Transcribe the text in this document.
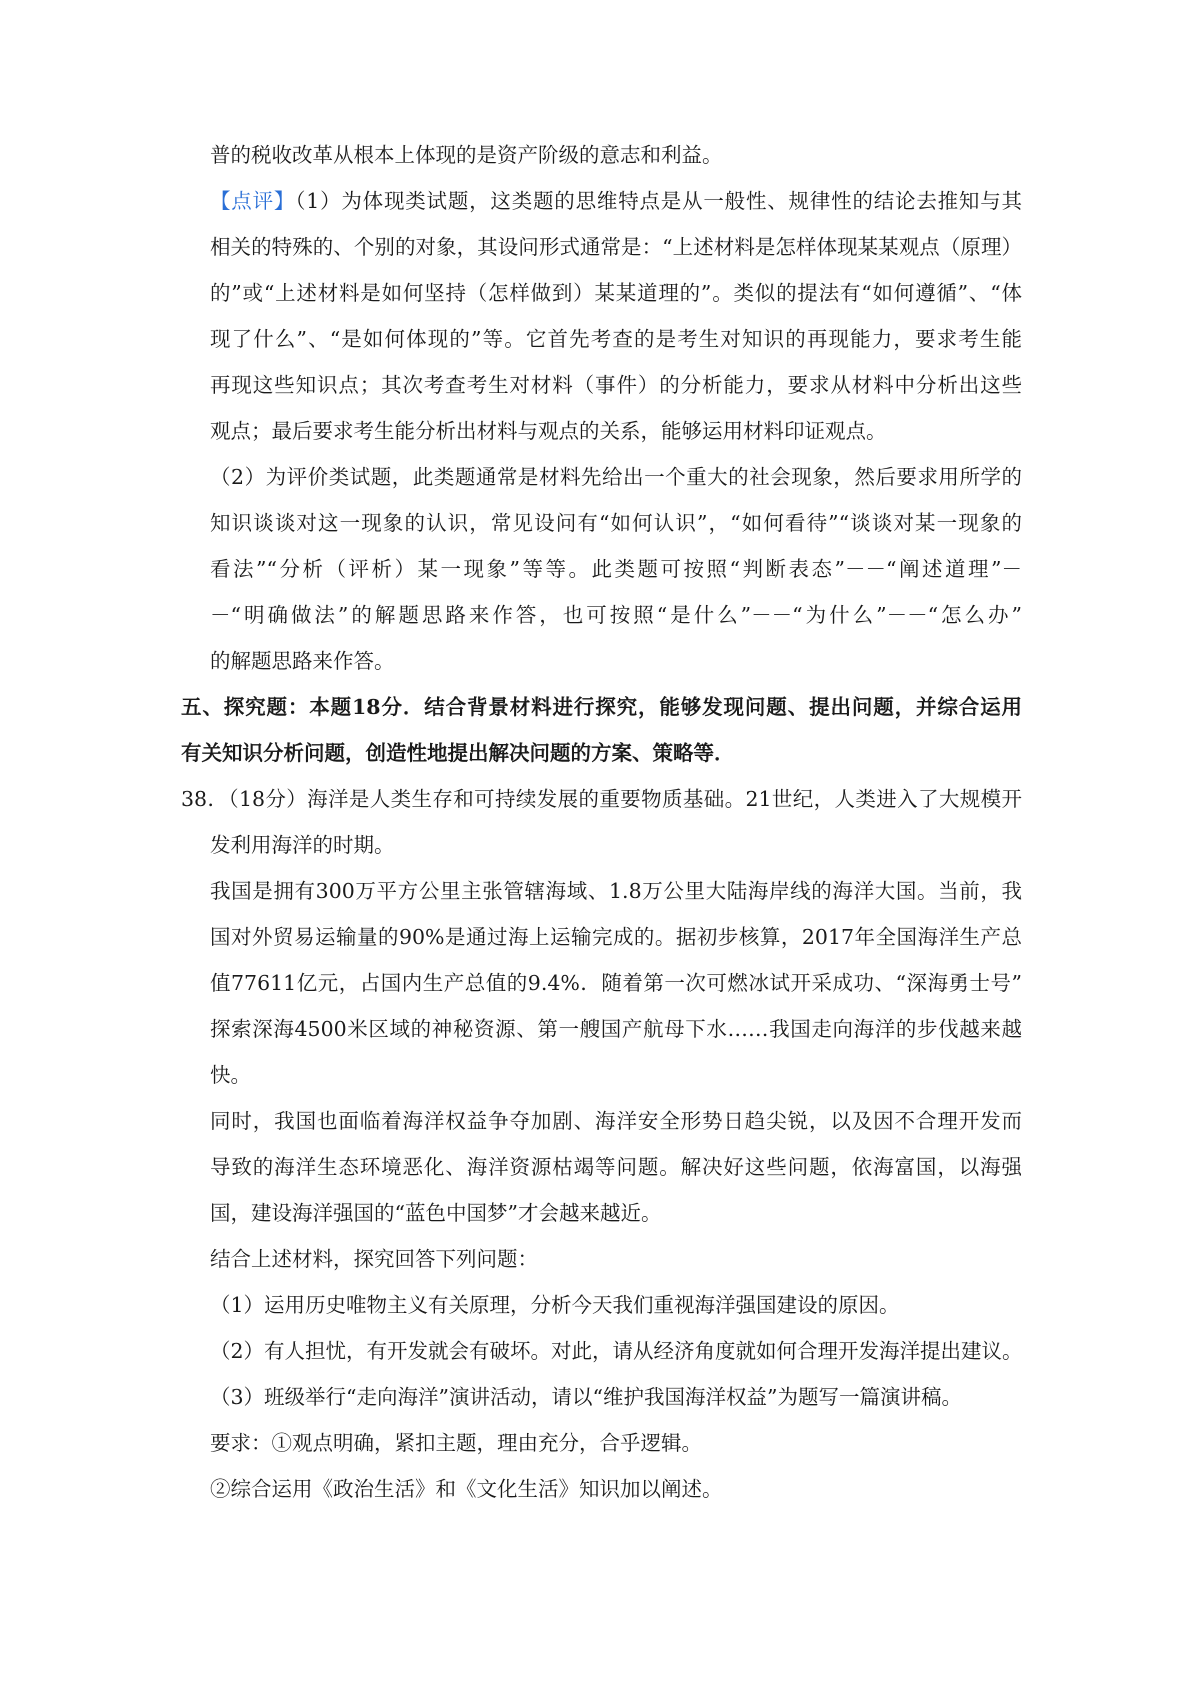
普的税收改革从根本上体现的是资产阶级的意志和利益。
【点评】（1）为体现类试题，这类题的思维特点是从一般性、规律性的结论去推知与其
相关的特殊的、个别的对象，其设问形式通常是：“上述材料是怎样体现某某观点（原理）
的”或“上述材料是如何坚持（怎样做到）某某道理的”。类似的提法有“如何遵循”、“体
现了什么”、“是如何体现的”等。它首先考查的是考生对知识的再现能力，要求考生能
再现这些知识点；其次考查考生对材料（事件）的分析能力，要求从材料中分析出这些
观点；最后要求考生能分析出材料与观点的关系，能够运用材料印证观点。
（2）为评价类试题，此类题通常是材料先给出一个重大的社会现象，然后要求用所学的
知识谈谈对这一现象的认识，常见设问有“如何认识”，“如何看待”“谈谈对某一现象的
看法”“分析（评析）某一现象”等等。此类题可按照“判断表态”－－“阐述道理”－
－“明确做法”的解题思路来作答，也可按照“是什么”－－“为什么”－－“怎么办”
的解题思路来作答。
五、探究题：本题18分．结合背景材料进行探究，能够发现问题、提出问题，并综合运用
有关知识分析问题，创造性地提出解决问题的方案、策略等．
38．（18分）海洋是人类生存和可持续发展的重要物质基础。21世纪，人类进入了大规模开
发利用海洋的时期。
我国是拥有300万平方公里主张管辖海域、1.8万公里大陆海岸线的海洋大国。当前，我
国对外贸易运输量的90%是通过海上运输完成的。据初步核算，2017年全国海洋生产总
值77611亿元，占国内生产总值的9.4%．随着第一次可燃冰试开采成功、“深海勇士号”
探索深海4500米区域的神秘资源、第一艘国产航母下水……我国走向海洋的步伐越来越
快。
同时，我国也面临着海洋权益争夺加剧、海洋安全形势日趋尖锐，以及因不合理开发而
导致的海洋生态环境恶化、海洋资源枯竭等问题。解决好这些问题，依海富国，以海强
国，建设海洋强国的“蓝色中国梦”才会越来越近。
结合上述材料，探究回答下列问题：
（1）运用历史唯物主义有关原理，分析今天我们重视海洋强国建设的原因。
（2）有人担忧，有开发就会有破坏。对此，请从经济角度就如何合理开发海洋提出建议。
（3）班级举行“走向海洋”演讲活动，请以“维护我国海洋权益”为题写一篇演讲稿。
要求：①观点明确，紧扣主题，理由充分，合乎逻辑。
②综合运用《政治生活》和《文化生活》知识加以阐述。
